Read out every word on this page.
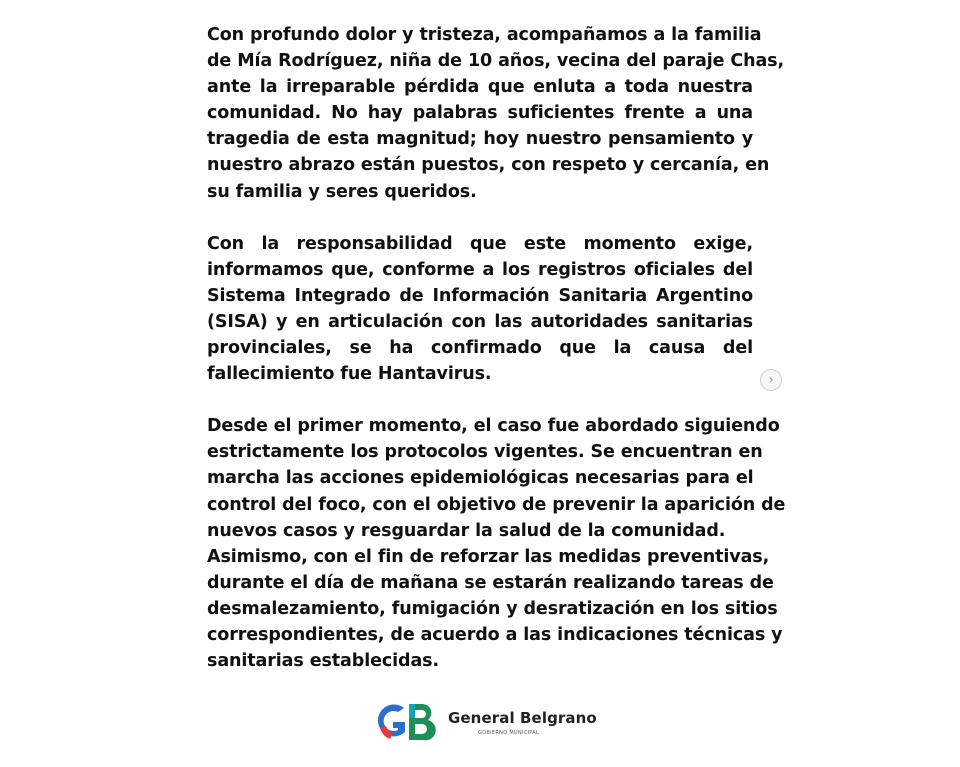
Con profundo dolor y tristeza, acompañamos a la familia
de Mía Rodríguez, niña de 10 años, vecina del paraje Chas,
ante la irreparable pérdida que enluta a toda nuestra
comunidad. No hay palabras suficientes frente a una
tragedia de esta magnitud; hoy nuestro pensamiento y
nuestro abrazo están puestos, con respeto y cercanía, en
su familia y seres queridos.
Con la responsabilidad que este momento exige,
informamos que, conforme a los registros oficiales del
Sistema Integrado de Información Sanitaria Argentino
(SISA) y en articulación con las autoridades sanitarias
provinciales, se ha confirmado que la causa del
fallecimiento fue Hantavirus.
Desde el primer momento, el caso fue abordado siguiendo
estrictamente los protocolos vigentes. Se encuentran en
marcha las acciones epidemiológicas necesarias para el
control del foco, con el objetivo de prevenir la aparición de
nuevos casos y resguardar la salud de la comunidad.
Asimismo, con el fin de reforzar las medidas preventivas,
durante el día de mañana se estarán realizando tareas de
desmalezamiento, fumigación y desratización en los sitios
correspondientes, de acuerdo a las indicaciones técnicas y
sanitarias establecidas.
›
General Belgrano
GOBIERNO MUNICIPAL
